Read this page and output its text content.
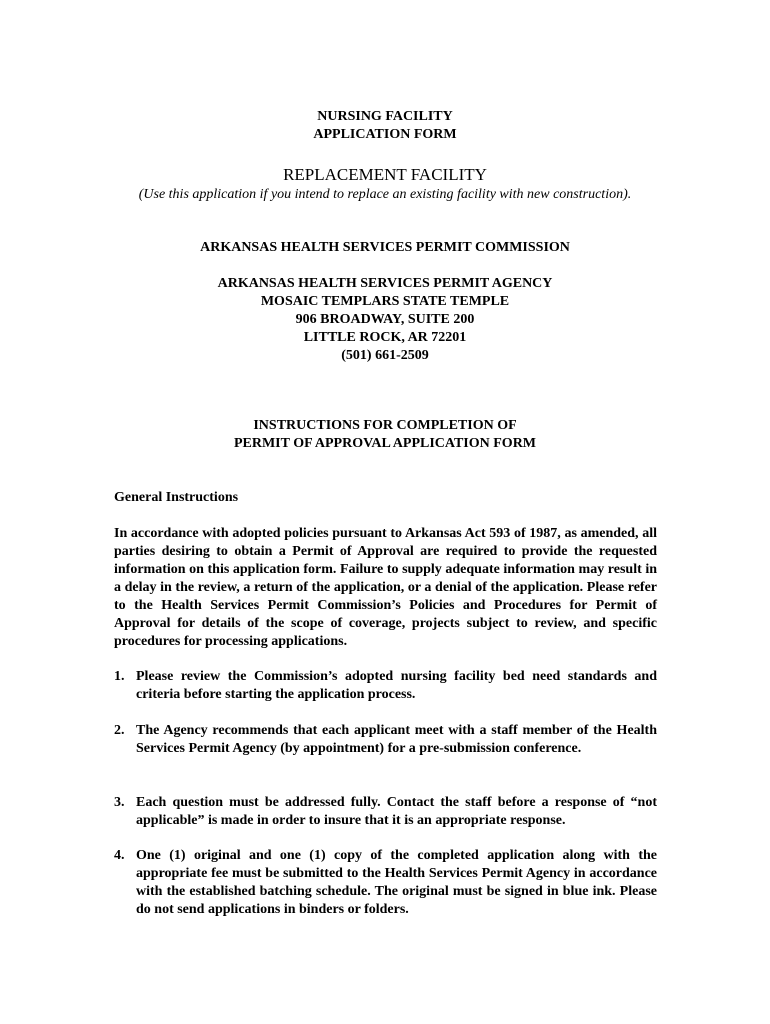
NURSING FACILITY
APPLICATION FORM
REPLACEMENT FACILITY
(Use this application if you intend to replace an existing facility with new construction).
ARKANSAS HEALTH SERVICES PERMIT COMMISSION
ARKANSAS HEALTH SERVICES PERMIT AGENCY
MOSAIC TEMPLARS STATE TEMPLE
906 BROADWAY, SUITE 200
LITTLE ROCK, AR 72201
(501) 661-2509
INSTRUCTIONS FOR COMPLETION OF
PERMIT OF APPROVAL APPLICATION FORM
General Instructions
In accordance with adopted policies pursuant to Arkansas Act 593 of 1987, as amended, all parties desiring to obtain a Permit of Approval are required to provide the requested information on this application form. Failure to supply adequate information may result in a delay in the review, a return of the application, or a denial of the application. Please refer to the Health Services Permit Commission’s Policies and Procedures for Permit of Approval for details of the scope of coverage, projects subject to review, and specific procedures for processing applications.
1. Please review the Commission’s adopted nursing facility bed need standards and criteria before starting the application process.
2. The Agency recommends that each applicant meet with a staff member of the Health Services Permit Agency (by appointment) for a pre-submission conference.
3. Each question must be addressed fully. Contact the staff before a response of “not applicable” is made in order to insure that it is an appropriate response.
4. One (1) original and one (1) copy of the completed application along with the appropriate fee must be submitted to the Health Services Permit Agency in accordance with the established batching schedule. The original must be signed in blue ink. Please do not send applications in binders or folders.
